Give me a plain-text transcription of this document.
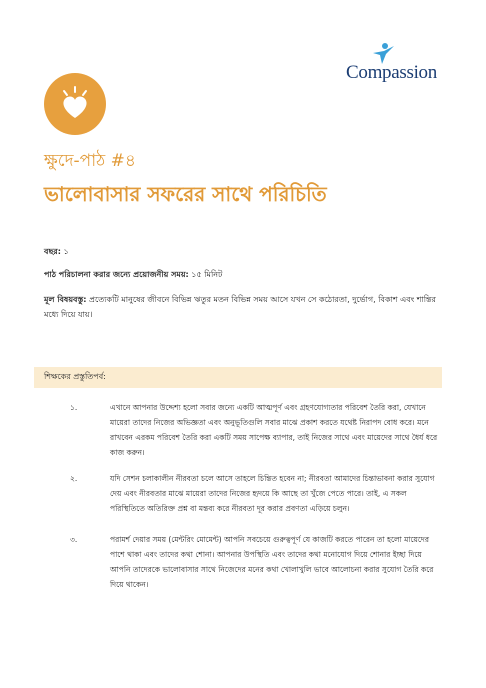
Compassion
ক্ষুদে-পাঠ #৪
ভালোবাসার সফরের সাথে পরিচিতি
বছর: ১
পাঠ পরিচালনা করার জন্যে প্রয়োজনীয় সময়: ১৫ মিনিট
মূল বিষয়বস্তু: প্রত্যেকটি মানুষের জীবনে বিভিন্ন ঋতুর মতন বিভিন্ন সময় আসে যখন সে কঠোরতা, দুর্ভোগ, বিকাশ এবং শান্তির মধ্যে দিয়ে যায়।
শিক্ষকের প্রস্তুতিপর্ব:
১.	এখানে আপনার উদ্দেশ্য হলো সবার জন্যে একটি আত্মপূর্ণ এবং গ্রহণযোগ্যতার পরিবেশ তৈরি করা, যেখানে মায়েরা তাদের নিজের অভিজ্ঞতা এবং অনুভূতিগুলি সবার মাঝে প্রকাশ করতে যথেষ্ট নিরাপদ বোধ করে। মনে রাখবেন এরকম পরিবেশ তৈরি করা একটি সময় সাপেক্ষ ব্যাপার, তাই নিজের সাথে এবং মায়েদের সাথে ধৈর্য ধরে কাজ করুন।
২.	যদি সেশন চলাকালীন নীরবতা চলে আসে তাহলে চিন্তিত হবেন না; নীরবতা আমাদের চিন্তাভাবনা করার সুযোগ দেয় এবং নীরবতার মাঝে মায়েরা তাদের নিজের হৃদয়ে কি আছে তা খুঁজে পেতে পারে। তাই, এ সকল পরিস্থিতিতে অতিরিক্ত প্রশ্ন বা মন্তব্য করে নীরবতা দূর করার প্রবণতা এড়িয়ে চলুন।
৩.	পরামর্শ দেয়ার সময় (মেন্টরিং মোমেন্ট) আপনি সবচেয়ে গুরুত্বপূর্ণ যে কাজটি করতে পারেন তা হলো মায়েদের পাশে থাকা এবং তাদের কথা শোনা। আপনার উপস্থিতি এবং তাদের কথা মনোযোগ দিয়ে শোনার ইচ্ছা দিয়ে আপনি তাদেরকে ভালোবাসার সাথে নিজেদের মনের কথা খোলাখুলি ভাবে আলোচনা করার সুযোগ তৈরি করে দিয়ে থাকেন।
